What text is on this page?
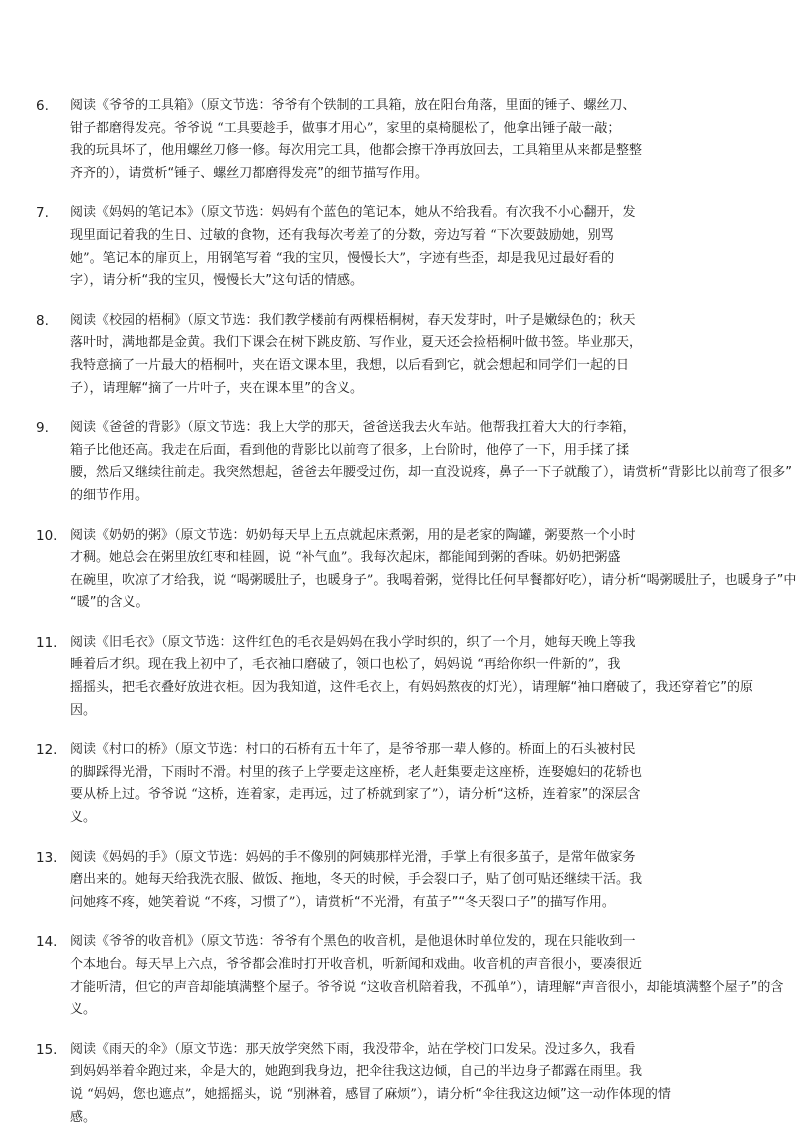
6.	阅读《爷爷的工具箱》（原文节选：爷爷有个铁制的工具箱，放在阳台角落，里面的锤子、螺丝刀、
钳子都磨得发亮。爷爷说 “工具要趁手，做事才用心”，家里的桌椅腿松了，他拿出锤子敲一敲；
我的玩具坏了，他用螺丝刀修一修。每次用完工具，他都会擦干净再放回去，工具箱里从来都是整整
齐齐的），请赏析“锤子、螺丝刀都磨得发亮”的细节描写作用。
7.	阅读《妈妈的笔记本》（原文节选：妈妈有个蓝色的笔记本，她从不给我看。有次我不小心翻开，发
现里面记着我的生日、过敏的食物，还有我每次考差了的分数，旁边写着 “下次要鼓励她，别骂
她”。笔记本的扉页上，用钢笔写着 “我的宝贝，慢慢长大”，字迹有些歪，却是我见过最好看的
字），请分析“我的宝贝，慢慢长大”这句话的情感。
8.	阅读《校园的梧桐》（原文节选：我们教学楼前有两棵梧桐树，春天发芽时，叶子是嫩绿色的；秋天
落叶时，满地都是金黄。我们下课会在树下跳皮筋、写作业，夏天还会捡梧桐叶做书签。毕业那天，
我特意摘了一片最大的梧桐叶，夹在语文课本里，我想，以后看到它，就会想起和同学们一起的日
子），请理解“摘了一片叶子，夹在课本里”的含义。
9.	阅读《爸爸的背影》（原文节选：我上大学的那天，爸爸送我去火车站。他帮我扛着大大的行李箱，
箱子比他还高。我走在后面，看到他的背影比以前弯了很多，上台阶时，他停了一下，用手揉了揉
腰，然后又继续往前走。我突然想起，爸爸去年腰受过伤，却一直没说疼，鼻子一下子就酸了），请赏析“背影比以前弯了很多”
的细节作用。
10. 阅读《奶奶的粥》（原文节选：奶奶每天早上五点就起床煮粥，用的是老家的陶罐，粥要熬一个小时
才稠。她总会在粥里放红枣和桂圆，说 “补气血”。我每次起床，都能闻到粥的香味。奶奶把粥盛
在碗里，吹凉了才给我，说 “喝粥暖肚子，也暖身子”。我喝着粥，觉得比任何早餐都好吃），请分析“喝粥暖肚子，也暖身子”中
“暖”的含义。
11. 阅读《旧毛衣》（原文节选：这件红色的毛衣是妈妈在我小学时织的，织了一个月，她每天晚上等我
睡着后才织。现在我上初中了，毛衣袖口磨破了，领口也松了，妈妈说 “再给你织一件新的”，我
摇摇头，把毛衣叠好放进衣柜。因为我知道，这件毛衣上，有妈妈熬夜的灯光），请理解“袖口磨破了，我还穿着它”的原
因。
12. 阅读《村口的桥》（原文节选：村口的石桥有五十年了，是爷爷那一辈人修的。桥面上的石头被村民
的脚踩得光滑，下雨时不滑。村里的孩子上学要走这座桥，老人赶集要走这座桥，连娶媳妇的花轿也
要从桥上过。爷爷说 “这桥，连着家，走再远，过了桥就到家了”），请分析“这桥，连着家”的深层含
义。
13. 阅读《妈妈的手》（原文节选：妈妈的手不像别的阿姨那样光滑，手掌上有很多茧子，是常年做家务
磨出来的。她每天给我洗衣服、做饭、拖地，冬天的时候，手会裂口子，贴了创可贴还继续干活。我
问她疼不疼，她笑着说 “不疼，习惯了”），请赏析“不光滑，有茧子”“冬天裂口子”的描写作用。
14. 阅读《爷爷的收音机》（原文节选：爷爷有个黑色的收音机，是他退休时单位发的，现在只能收到一
个本地台。每天早上六点，爷爷都会准时打开收音机，听新闻和戏曲。收音机的声音很小，要凑很近
才能听清，但它的声音却能填满整个屋子。爷爷说 “这收音机陪着我，不孤单”），请理解“声音很小，却能填满整个屋子”的含
义。
15. 阅读《雨天的伞》（原文节选：那天放学突然下雨，我没带伞，站在学校门口发呆。没过多久，我看
到妈妈举着伞跑过来，伞是大的，她跑到我身边，把伞往我这边倾，自己的半边身子都露在雨里。我
说 “妈妈，您也遮点”，她摇摇头，说 “别淋着，感冒了麻烦”），请分析“伞往我这边倾”这一动作体现的情
感。
